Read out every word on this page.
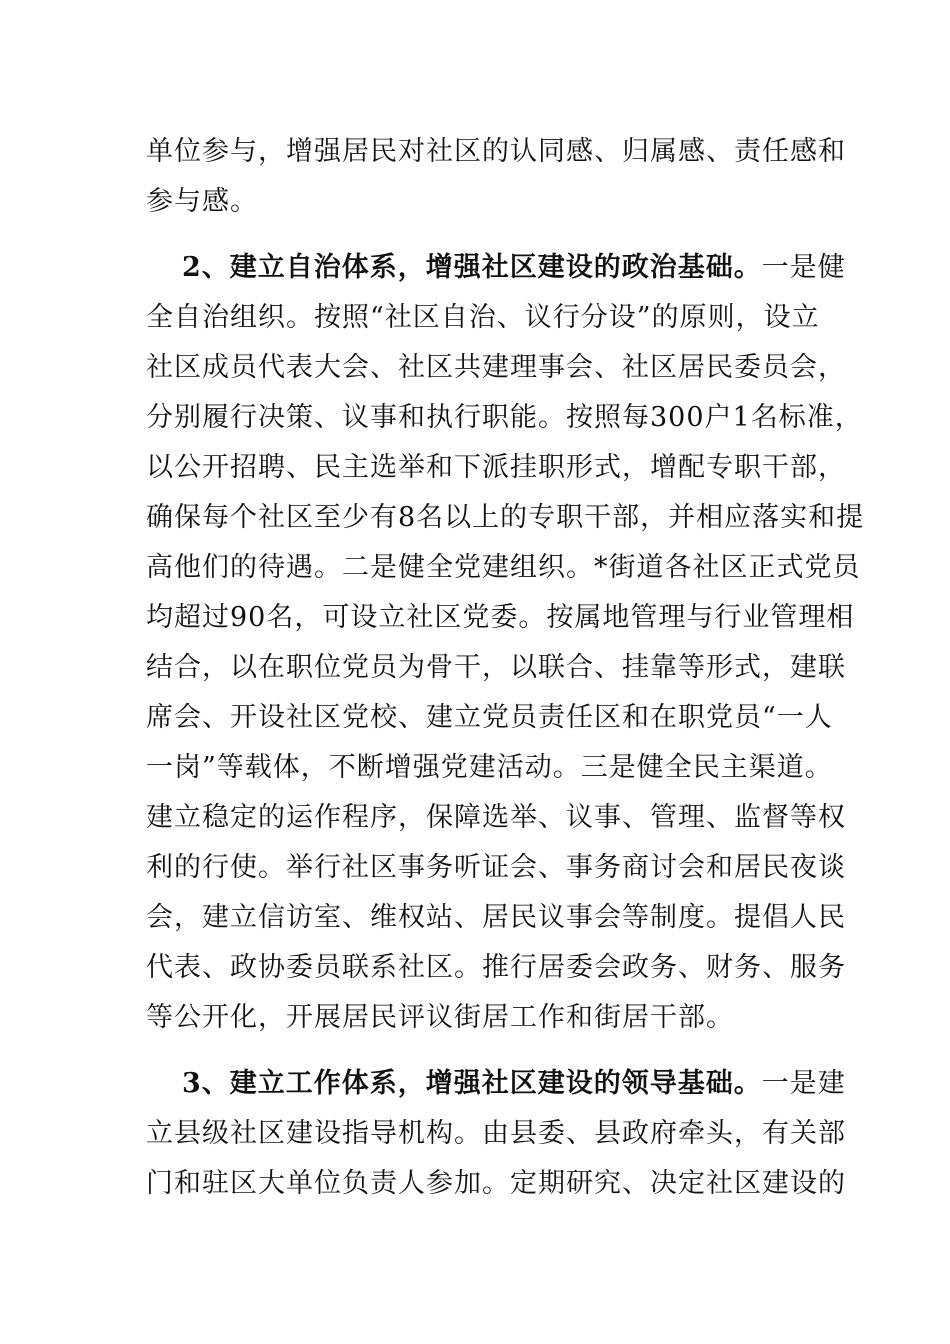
单位参与，增强居民对社区的认同感、归属感、责任感和
参与感。
2、建立自治体系，增强社区建设的政治基础。一是健
全自治组织。按照“社区自治、议行分设”的原则，设立
社区成员代表大会、社区共建理事会、社区居民委员会，
分别履行决策、议事和执行职能。按照每300户1名标准，
以公开招聘、民主选举和下派挂职形式，增配专职干部，
确保每个社区至少有8名以上的专职干部，并相应落实和提
高他们的待遇。二是健全党建组织。*街道各社区正式党员
均超过90名，可设立社区党委。按属地管理与行业管理相
结合，以在职位党员为骨干，以联合、挂靠等形式，建联
席会、开设社区党校、建立党员责任区和在职党员“一人
一岗”等载体，不断增强党建活动。三是健全民主渠道。
建立稳定的运作程序，保障选举、议事、管理、监督等权
利的行使。举行社区事务听证会、事务商讨会和居民夜谈
会，建立信访室、维权站、居民议事会等制度。提倡人民
代表、政协委员联系社区。推行居委会政务、财务、服务
等公开化，开展居民评议街居工作和街居干部。
3、建立工作体系，增强社区建设的领导基础。一是建
立县级社区建设指导机构。由县委、县政府牵头，有关部
门和驻区大单位负责人参加。定期研究、决定社区建设的
